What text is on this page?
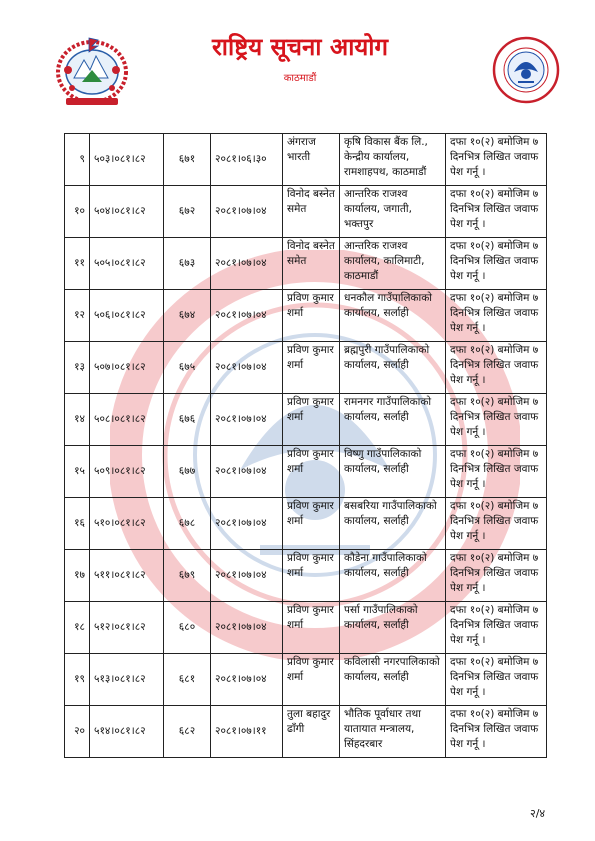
राष्ट्रिय सूचना आयोग
काठमाडौं
९	५०३।०८१।८२	६७१	२०८१।०६।३०	अंगराज भारती	कृषि विकास बैंक लि., केन्द्रीय कार्यालय, रामशाहपथ, काठमाडौं	दफा १०(२) बमोजिम ७ दिनभित्र लिखित जवाफ पेश गर्नू ।
१०	५०४।०८१।८२	६७२	२०८१।०७।०४	विनोद बस्नेत समेत	आन्तरिक राजश्व कार्यालय, जगाती, भक्तपुर	दफा १०(२) बमोजिम ७ दिनभित्र लिखित जवाफ पेश गर्नू ।
११	५०५।०८१।८२	६७३	२०८१।०७।०४	विनोद बस्नेत समेत	आन्तरिक राजश्व कार्यालय, कालिमाटी, काठमाडौं	दफा १०(२) बमोजिम ७ दिनभित्र लिखित जवाफ पेश गर्नू ।
१२	५०६।०८१।८२	६७४	२०८१।०७।०४	प्रविण कुमार शर्मा	धनकौल गाउँपालिकाको कार्यालय, सर्लाही	दफा १०(२) बमोजिम ७ दिनभित्र लिखित जवाफ पेश गर्नू ।
१३	५०७।०८१।८२	६७५	२०८१।०७।०४	प्रविण कुमार शर्मा	ब्रह्मपुरी गाउँपालिकाको कार्यालय, सर्लाही	दफा १०(२) बमोजिम ७ दिनभित्र लिखित जवाफ पेश गर्नू ।
१४	५०८।०८१।८२	६७६	२०८१।०७।०४	प्रविण कुमार शर्मा	रामनगर गाउँपालिकाको कार्यालय, सर्लाही	दफा १०(२) बमोजिम ७ दिनभित्र लिखित जवाफ पेश गर्नू ।
१५	५०९।०८१।८२	६७७	२०८१।०७।०४	प्रविण कुमार शर्मा	विष्णु गाउँपालिकाको कार्यालय, सर्लाही	दफा १०(२) बमोजिम ७ दिनभित्र लिखित जवाफ पेश गर्नू ।
१६	५१०।०८१।८२	६७८	२०८१।०७।०४	प्रविण कुमार शर्मा	बसबरिया गाउँपालिकाको कार्यालय, सर्लाही	दफा १०(२) बमोजिम ७ दिनभित्र लिखित जवाफ पेश गर्नू ।
१७	५११।०८१।८२	६७९	२०८१।०७।०४	प्रविण कुमार शर्मा	कौडेना गाउँपालिकाको कार्यालय, सर्लाही	दफा १०(२) बमोजिम ७ दिनभित्र लिखित जवाफ पेश गर्नू ।
१८	५१२।०८१।८२	६८०	२०८१।०७।०४	प्रविण कुमार शर्मा	पर्सा गाउँपालिकाको कार्यालय, सर्लाही	दफा १०(२) बमोजिम ७ दिनभित्र लिखित जवाफ पेश गर्नू ।
१९	५१३।०८१।८२	६८१	२०८१।०७।०४	प्रविण कुमार शर्मा	कविलासी नगरपालिकाको कार्यालय, सर्लाही	दफा १०(२) बमोजिम ७ दिनभित्र लिखित जवाफ पेश गर्नू ।
२०	५१४।०८१।८२	६८२	२०८१।०७।११	तुला बहादुर ढाँगी	भौतिक पूर्वाधार तथा यातायात मन्त्रालय, सिंहदरबार	दफा १०(२) बमोजिम ७ दिनभित्र लिखित जवाफ पेश गर्नू ।
२/४
